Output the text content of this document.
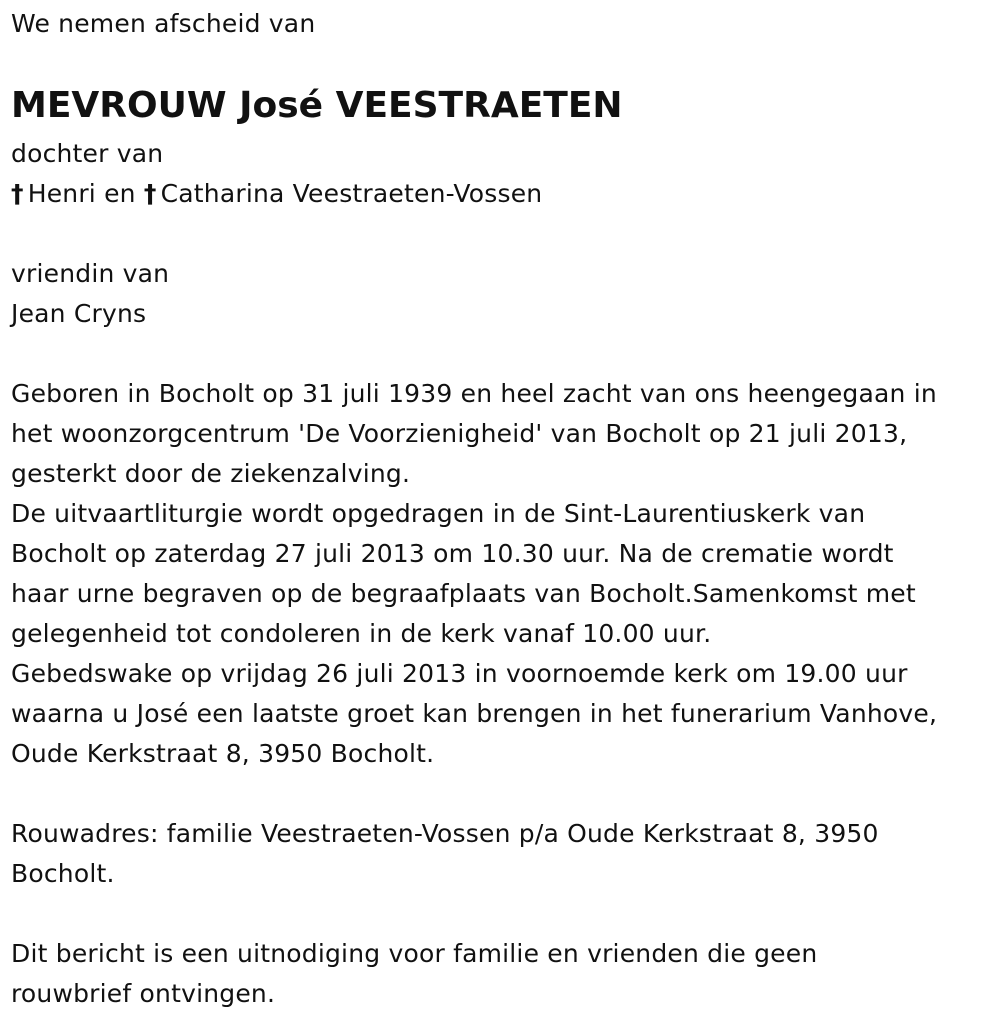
We nemen afscheid van
MEVROUW José VEESTRAETEN
dochter van
† Henri en † Catharina Veestraeten-Vossen
vriendin van
Jean Cryns
Geboren in Bocholt op 31 juli 1939 en heel zacht van ons heengegaan in
het woonzorgcentrum 'De Voorzienigheid' van Bocholt op 21 juli 2013,
gesterkt door de ziekenzalving.
De uitvaartliturgie wordt opgedragen in de Sint-Laurentiuskerk van
Bocholt op zaterdag 27 juli 2013 om 10.30 uur. Na de crematie wordt
haar urne begraven op de begraafplaats van Bocholt.Samenkomst met
gelegenheid tot condoleren in de kerk vanaf 10.00 uur.
Gebedswake op vrijdag 26 juli 2013 in voornoemde kerk om 19.00 uur
waarna u José een laatste groet kan brengen in het funerarium Vanhove,
Oude Kerkstraat 8, 3950 Bocholt.
Rouwadres: familie Veestraeten-Vossen p/a Oude Kerkstraat 8, 3950
Bocholt.
Dit bericht is een uitnodiging voor familie en vrienden die geen
rouwbrief ontvingen.
